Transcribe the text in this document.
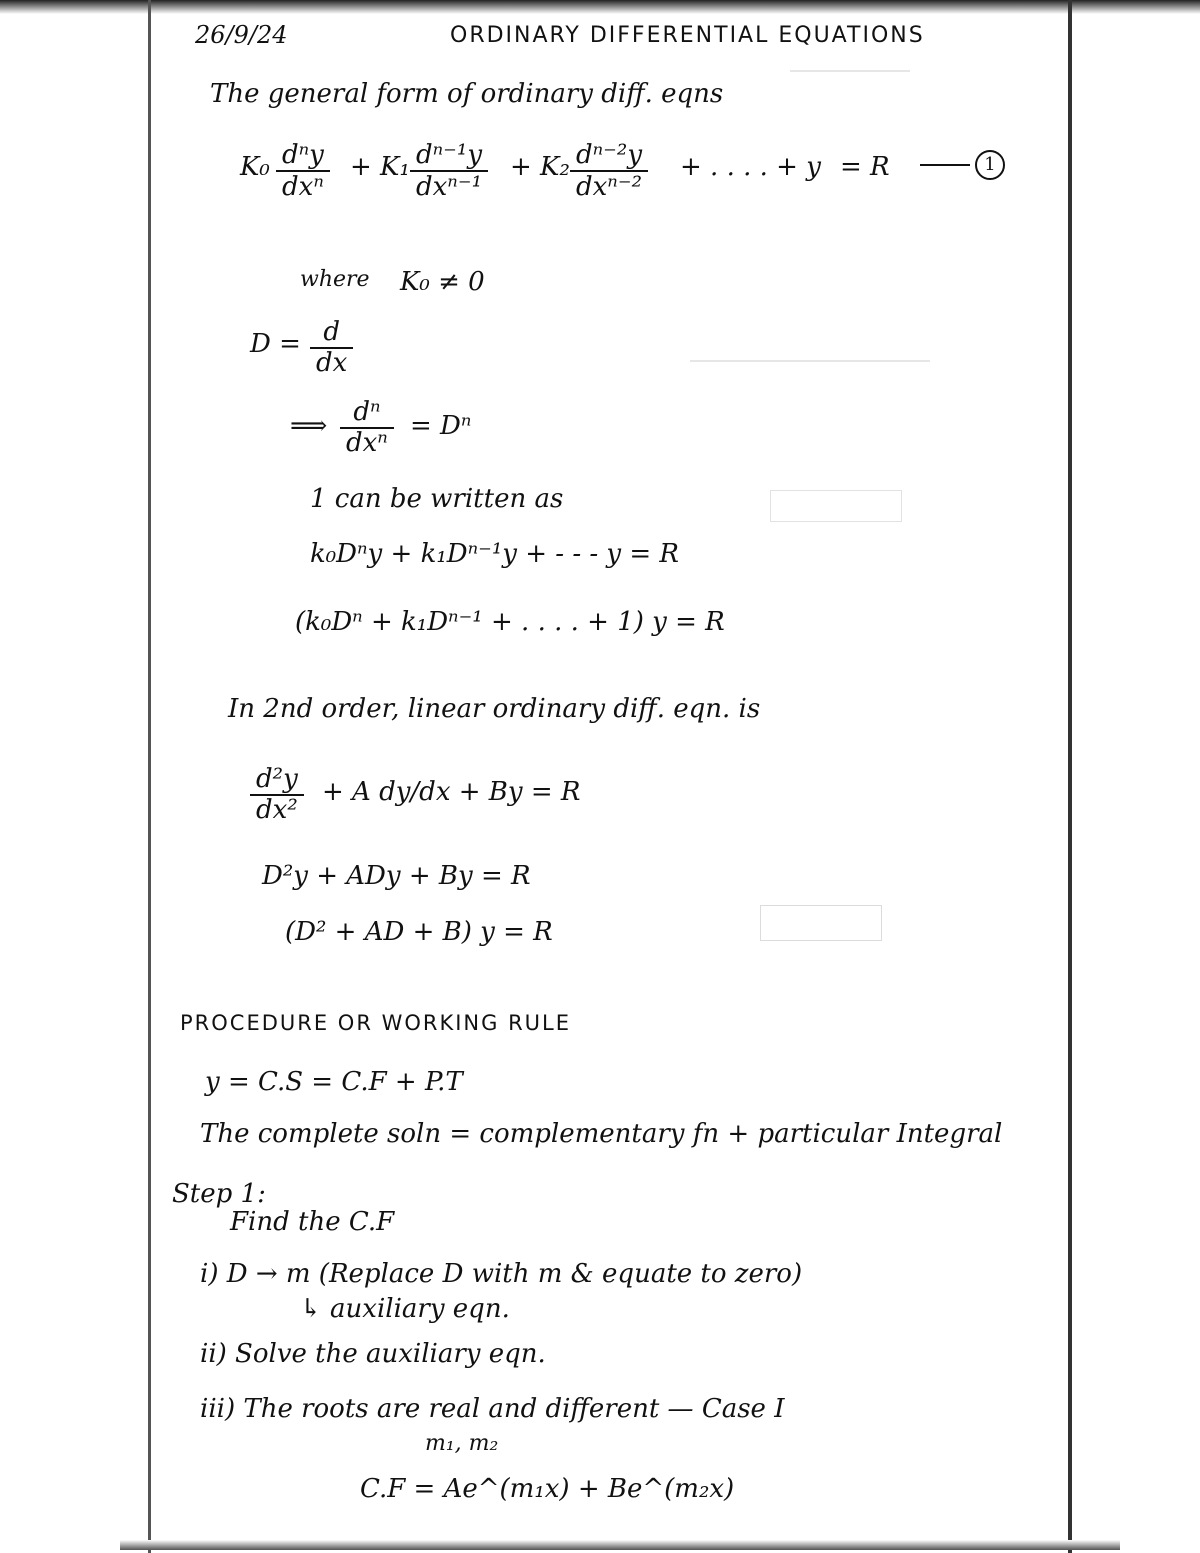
26/9/24	ORDINARY DIFFERENTIAL EQUATIONS
The general form of ordinary diff. eqns
K₀ dⁿy
dxⁿ
+ K₁ dⁿ⁻¹y
dxⁿ⁻¹
+ K₂ dⁿ⁻²y
dxⁿ⁻²
+ . . . . + y = R	1
where K₀ ≠ 0
$D = \frac{d}{dx}$
⟹	dⁿ
dxⁿ
= Dⁿ
1 can be written as
k₀Dⁿy + k₁Dⁿ⁻¹y + - - - y = R
(k₀Dⁿ + k₁Dⁿ⁻¹ + . . . . + 1) y = R
In 2nd order, linear ordinary diff. eqn. is
$\frac{\text{d²y}}{\text{dx²}} + A$ dy/dx + By = R
D²y + ADy + By = R
(D² + AD + B) y = R
PROCEDURE OR WORKING RULE
y = C.S = C.F + P.T
The complete soln = complementary fn + particular Integral
Step 1:
Find the C.F
i) D → m (Replace D with m & equate to zero)
↳ auxiliary eqn.
ii) Solve the auxiliary eqn.
iii) The roots are real and different — Case I
m₁, m₂
C.F = Ae^(m₁x) + Be^(m₂x)
